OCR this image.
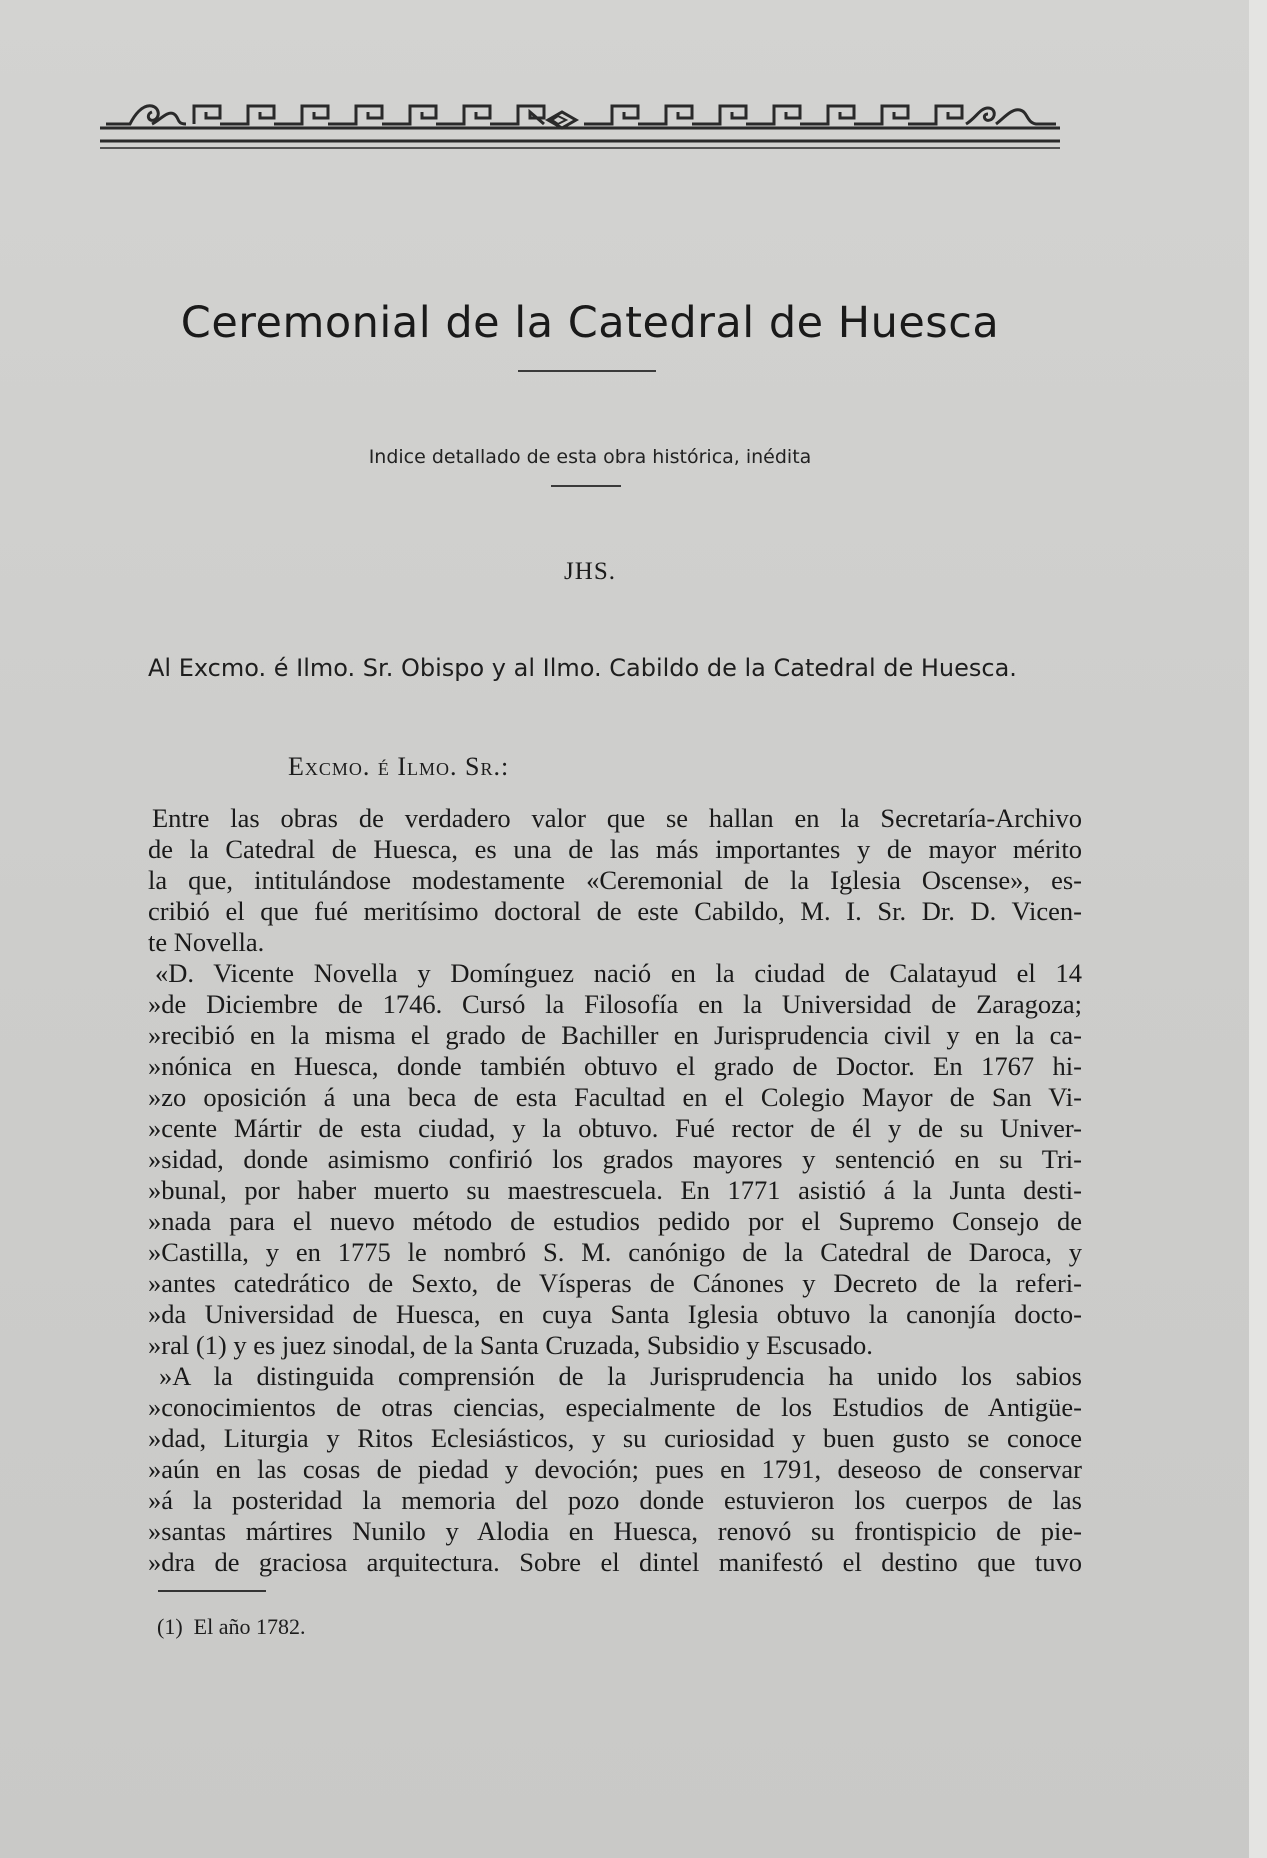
Ceremonial de la Catedral de Huesca
Indice detallado de esta obra histórica, inédita
JHS.
Al Excmo. é Ilmo. Sr. Obispo y al Ilmo. Cabildo de la Catedral de Huesca.
Excmo. é Ilmo. Sr.:
Entre las obras de verdadero valor que se hallan en la Secretaría-Archivo
de la Catedral de Huesca, es una de las más importantes y de mayor mérito
la que, intitulándose modestamente «Ceremonial de la Iglesia Oscense», es-
cribió el que fué meritísimo doctoral de este Cabildo, M. I. Sr. Dr. D. Vicen-
te Novella.
«D. Vicente Novella y Domínguez nació en la ciudad de Calatayud el 14
»de Diciembre de 1746. Cursó la Filosofía en la Universidad de Zaragoza;
»recibió en la misma el grado de Bachiller en Jurisprudencia civil y en la ca-
»nónica en Huesca, donde también obtuvo el grado de Doctor. En 1767 hi-
»zo oposición á una beca de esta Facultad en el Colegio Mayor de San Vi-
»cente Mártir de esta ciudad, y la obtuvo. Fué rector de él y de su Univer-
»sidad, donde asimismo confirió los grados mayores y sentenció en su Tri-
»bunal, por haber muerto su maestrescuela. En 1771 asistió á la Junta desti-
»nada para el nuevo método de estudios pedido por el Supremo Consejo de
»Castilla, y en 1775 le nombró S. M. canónigo de la Catedral de Daroca, y
»antes catedrático de Sexto, de Vísperas de Cánones y Decreto de la referi-
»da Universidad de Huesca, en cuya Santa Iglesia obtuvo la canonjía docto-
»ral (1) y es juez sinodal, de la Santa Cruzada, Subsidio y Escusado.
»A la distinguida comprensión de la Jurisprudencia ha unido los sabios
»conocimientos de otras ciencias, especialmente de los Estudios de Antigüe-
»dad, Liturgia y Ritos Eclesiásticos, y su curiosidad y buen gusto se conoce
»aún en las cosas de piedad y devoción; pues en 1791, deseoso de conservar
»á la posteridad la memoria del pozo donde estuvieron los cuerpos de las
»santas mártires Nunilo y Alodia en Huesca, renovó su frontispicio de pie-
»dra de graciosa arquitectura. Sobre el dintel manifestó el destino que tuvo
(1)  El año 1782.
